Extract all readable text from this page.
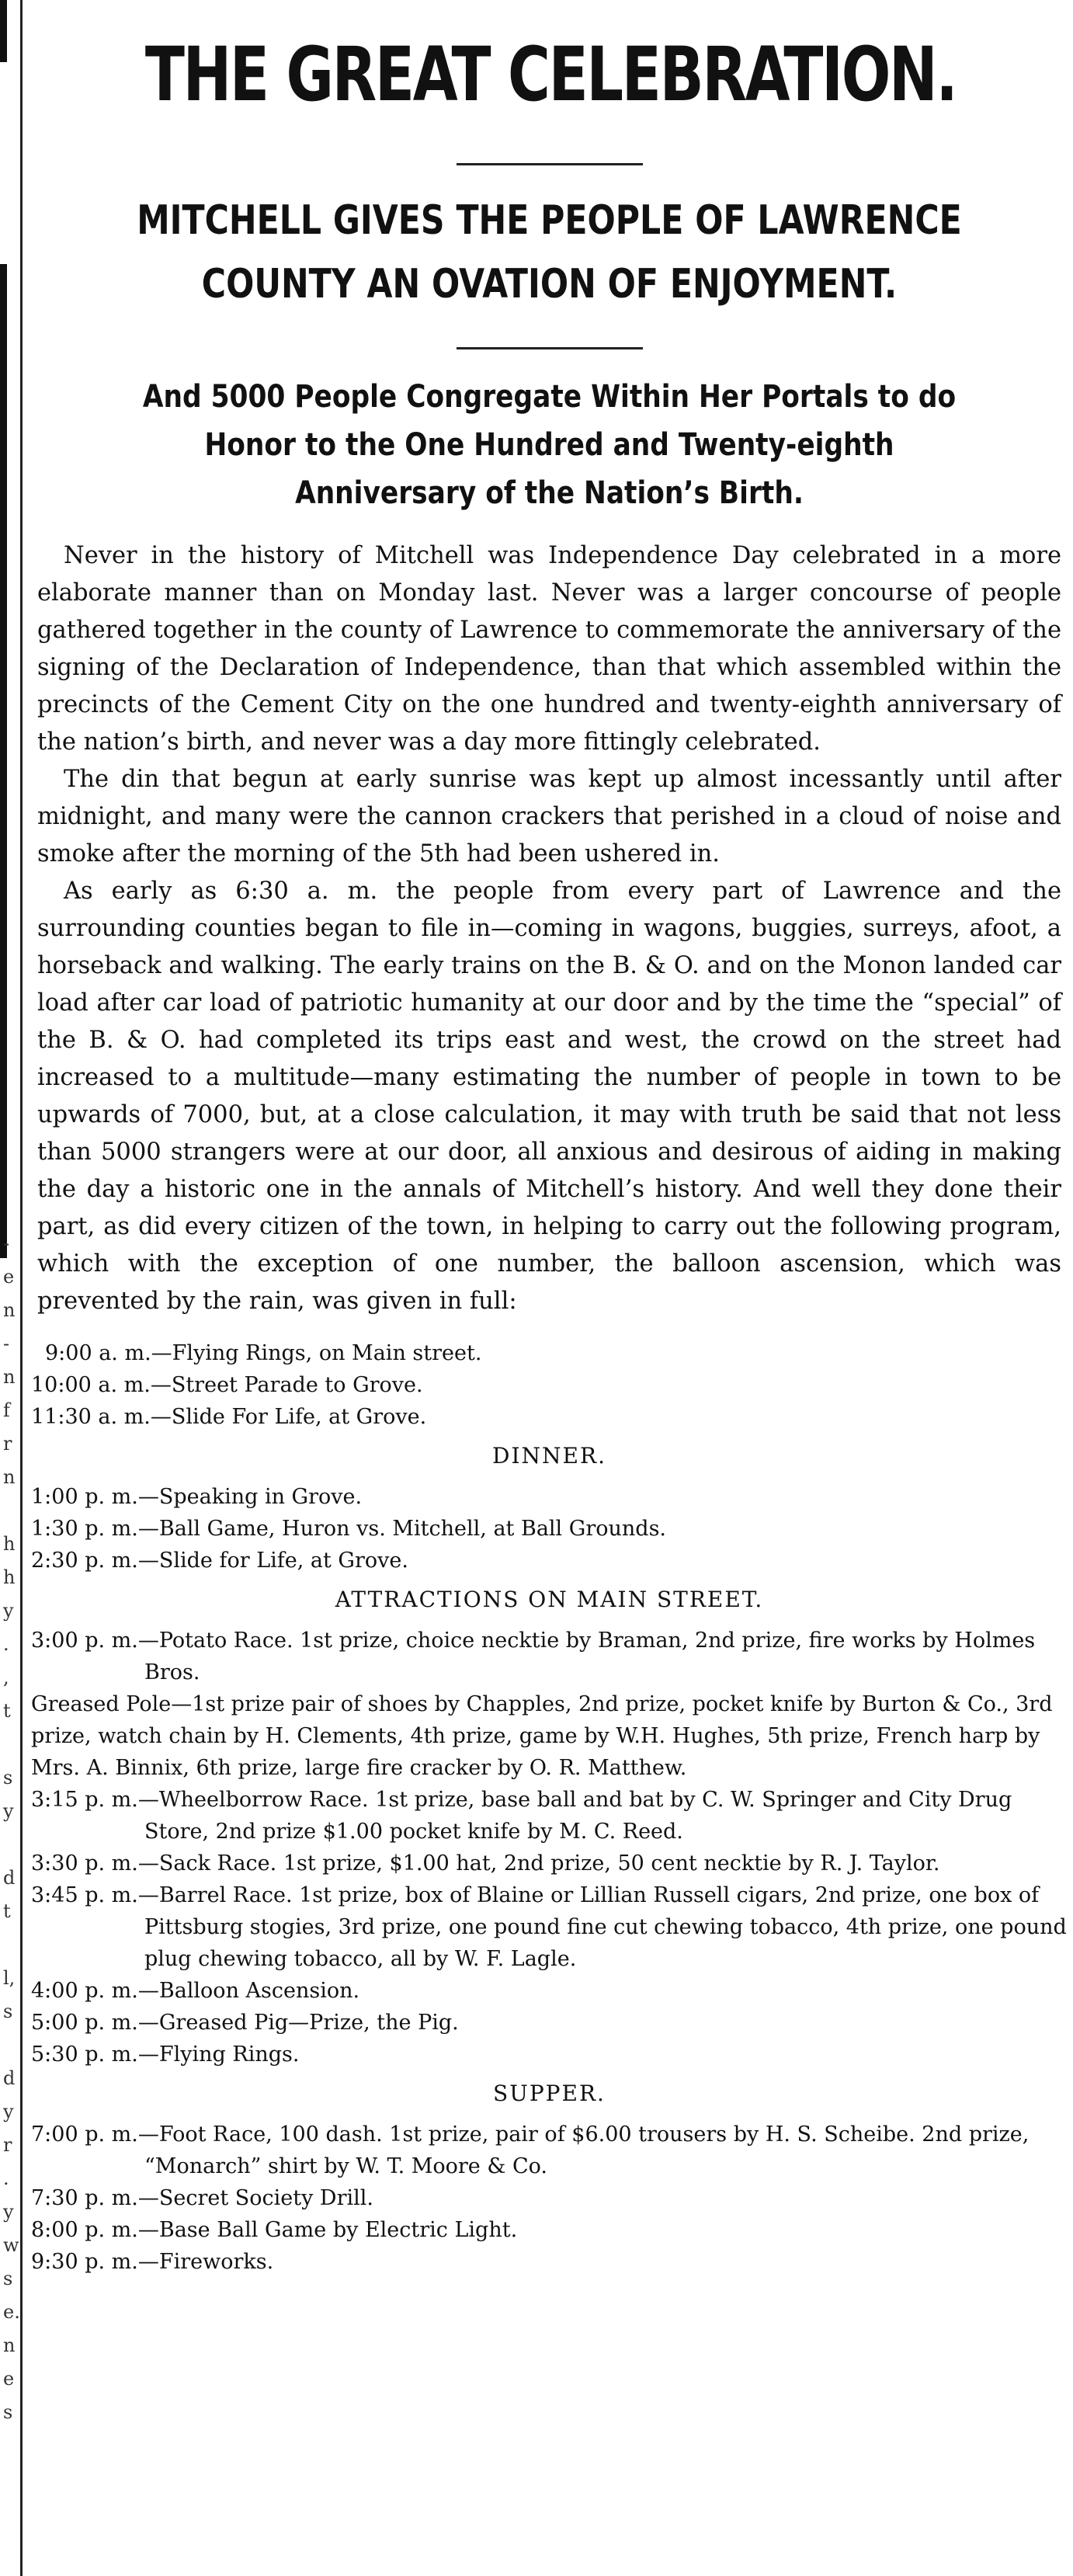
-
e
n
-
n
f
r
n

h
h
y
.
,
t

s
y

d
t

l,
s

d
y
r
.
y
w
s
e.
n
e
s
THE GREAT CELEBRATION.
MITCHELL GIVES THE PEOPLE OF LAWRENCE
COUNTY AN OVATION OF ENJOYMENT.
And 5000 People Congregate Within Her Portals to do
Honor to the One Hundred and Twenty-eighth
Anniversary of the Nation’s Birth.

Never in the history of Mitchell was Independence Day celebrated in a more elaborate manner than on Monday last. Never was a larger concourse of people gathered together in the county of Lawrence to commemorate the anniversary of the signing of the Declaration of Independence, than that which assembled within the precincts of the Cement City on the one hundred and twenty-eighth anniversary of the nation’s birth, and never was a day more fittingly celebrated.

The din that begun at early sunrise was kept up almost incessantly until after midnight, and many were the cannon crackers that perished in a cloud of noise and smoke after the morning of the 5th had been ushered in.

As early as 6:30 a. m. the people from every part of Lawrence and the surrounding counties began to file in—coming in wagons, buggies, surreys, afoot, a horseback and walking. The early trains on the B. & O. and on the Monon landed car load after car load of patriotic humanity at our door and by the time the “special” of the B. & O. had completed its trips east and west, the crowd on the street had increased to a multitude—many estimating the number of people in town to be upwards of 7000, but, at a close calculation, it may with truth be said that not less than 5000 strangers were at our door, all anxious and desirous of aiding in making the day a historic one in the annals of Mitchell’s history. And well they done their part, as did every citizen of the town, in helping to carry out the following program, which with the exception of one number, the balloon ascension, which was prevented by the rain, was given in full:

9:00 a. m.—Flying Rings, on Main street.
10:00 a. m.—Street Parade to Grove.
11:30 a. m.—Slide For Life, at Grove.
DINNER.
1:00 p. m.—Speaking in Grove.
1:30 p. m.—Ball Game, Huron vs. Mitchell, at Ball Grounds.
2:30 p. m.—Slide for Life, at Grove.
ATTRACTIONS ON MAIN STREET.
3:00 p. m.—Potato Race. 1st prize, choice necktie by Braman, 2nd prize, fire works by Holmes Bros.
Greased Pole—1st prize pair of shoes by Chapples, 2nd prize, pocket knife by Burton & Co., 3rd prize, watch chain by H. Clements, 4th prize, game by W.H. Hughes, 5th prize, French harp by Mrs. A. Binnix, 6th prize, large fire cracker by O. R. Matthew.
3:15 p. m.—Wheelborrow Race. 1st prize, base ball and bat by C. W. Springer and City Drug Store, 2nd prize $1.00 pocket knife by M. C. Reed.
3:30 p. m.—Sack Race. 1st prize, $1.00 hat, 2nd prize, 50 cent necktie by R. J. Taylor.
3:45 p. m.—Barrel Race. 1st prize, box of Blaine or Lillian Russell cigars, 2nd prize, one box of Pittsburg stogies, 3rd prize, one pound fine cut chewing tobacco, 4th prize, one pound plug chewing tobacco, all by W. F. Lagle.
4:00 p. m.—Balloon Ascension.
5:00 p. m.—Greased Pig—Prize, the Pig.
5:30 p. m.—Flying Rings.
SUPPER.
7:00 p. m.—Foot Race, 100 dash. 1st prize, pair of $6.00 trousers by H. S. Scheibe. 2nd prize, “Monarch” shirt by W. T. Moore & Co.
7:30 p. m.—Secret Society Drill.
8:00 p. m.—Base Ball Game by Electric Light.
9:30 p. m.—Fireworks.
